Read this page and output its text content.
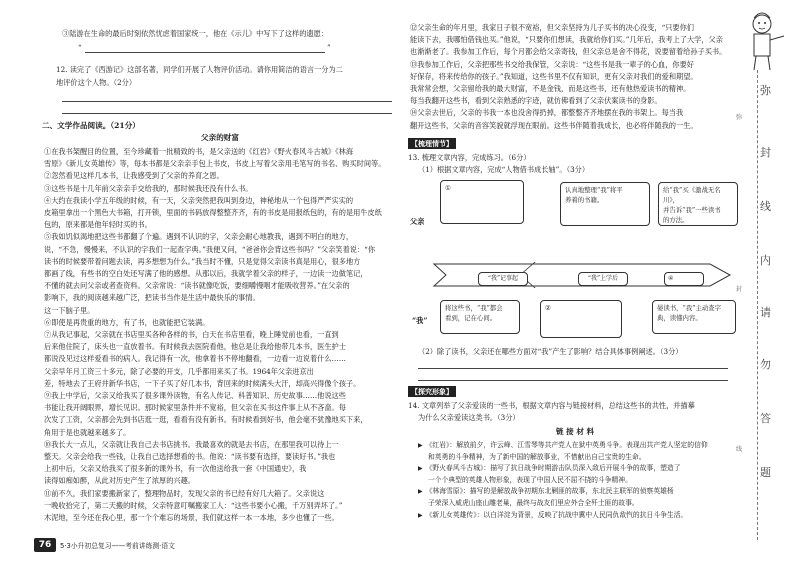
③陆游在生命的最后时刻依然忧虑着国家统一，他在《示儿》中写下了这样的遗愿：
“	”
12. 读完了《西游记》这部名著，同学们开展了人物评价活动。请你用简洁的语言一分为二
地评价这个人物。（2分）
二、文学作品阅读。（21分）
父亲的财富

①在我书架醒目的位置，至今珍藏着一批精致的书，是父亲送的《红岩》《野火春风斗古城》《林海

雪原》《新儿女英雄传》等，每本书都是父亲亲手包上书皮，书皮上写着父亲用毛笔写的书名、购买时间等。

②忽然看见这样几本书，让我感受到了父亲的养育之恩。

③这些书是十几年前父亲亲手交给我的，那时候我还没有什么书。

④大约在我读小学五年级的时候，有一天，父亲突然把我叫到身边，神秘地从一个包得严严实实的

皮箱里拿出一个黑色大书箱，打开锁，里面的书码放得整整齐齐，有的书皮是用报纸包的，有的是用牛皮纸

包的，原来都是他年轻时买的书。

⑤我如饥似渴地把这些书都翻了个遍。遇到不认识的字，父亲会耐心地教我，遇到不明白的地方，

说，“不急，慢慢来，不认识的字我们一起查字典。”我便又问，“爸爸你会背这些书吗？”父亲笑着说：“你

读书的时候要带着问题去读，再多想想为什么。”我当时不懂，只是觉得父亲读书真是用心，很多地方

都画了线，有些书的空白处还写满了他的感想。从那以后，我就学着父亲的样子，一边读一边做笔记，

不懂的就去问父亲或者查资料。父亲常说：“读书就像吃饭，要细嚼慢咽才能吸收营养。”在父亲的

影响下，我的阅读越来越广泛，把读书当作是生活中最快乐的事情。

这一下脑子里。

⑥即使是再贵重的地方，有了书，也就能把它装满。

⑦从我记事起，父亲就在书店里买各种各样的书，白天在书店里看，晚上睡觉前也看，一直到

后来他住院了，床头也一直放着书。有时候我去医院看他，他总是让我给他带几本书，医生护士

都说没见过这样爱看书的病人。我记得有一次，他拿着书不停地翻看，一边看一边说着什么……

父亲早年月工资三十多元，除了必要的开支，几乎都用来买了书。1964年父亲进京出

差，特地去了王府井新华书店，一下子买了好几本书，背回来的时候满头大汗，却高兴得像个孩子。

⑨我上中学后，父亲又给我买了很多课外读物，有名人传记、科普知识、历史故事……他说这些

书能让我开阔眼界，增长见识。那时候家里条件并不宽裕，但父亲在买书这件事上从不吝啬。每

次发了工资，父亲都会先到书店逛一逛，看看有没有新书。有时候看到好书，他会毫不犹豫地买下来，

角用于是也就越来越多了。

⑩我长大一点儿，父亲就让我自己去书店挑书。我最喜欢的就是去书店，在那里我可以待上一

整天。父亲会给我一些钱，让我自己选择想看的书。他说：“读书要有选择，要读好书。”我也

上初中后，父亲又给我买了很多新的课外书，有一次他送给我一套《中国通史》，我

读得如痴如醉，从此对历史产生了浓厚的兴趣。

⑪前不久，我们家要搬新家了，整理物品时，发现父亲的书已经有好几大箱了。父亲说这

一晚收拾完了，第二天搬的时候，父亲特意叮嘱搬家工人：“这些书要小心搬，千万别弄坏了。”

木泥地，至今还在我心里，那一个个难忘的场景，我们就这样一本一本地，多少也懂了一些。

76	5·3小升初总复习——考前讲练测·语文

⑫父亲生命的年月里，我家日子很不宽裕，但父亲坚持为儿子买书的决心没变，“只要你们

能读下去，我哪怕借钱也买。”他说，“只要你们想读，我就给你们买。”几年后，我考上了大学，父亲

也渐渐老了。我参加工作后，每个月都会给父亲寄钱，但父亲总是舍不得花，说要留着给孙子买书。

⑬我参加工作后，父亲把那些书交给我保管，父亲说：“这些书是我一辈子的心血，你要好

好保存，将来传给你的孩子。”我知道，这些书里不仅有知识，更有父亲对我们的爱和期望。

我常常会想，父亲留给我的最大财富，不是金钱，而是这些书，还有他热爱读书的精神。

每当我翻开这些书，看到父亲熟悉的字迹，就仿佛看到了父亲伏案读书的身影。

⑭父亲去世后，父亲的书我一本也没舍得扔掉，都整整齐齐地摆在我的书架上。每当我

翻开这些书，父亲的音容笑貌就浮现在眼前。这些书伴随着我成长，也必将伴随我的一生。

【梳理情节】
13. 梳理文章内容，完成练习。（6分）
（1）根据文章内容，完成“人物借书成长轴”。（3分）
父亲
“我”
①	认真地整理“我”将平
养着的书籍。
给“我”买《激战无名川》，
并告诉“我”一些读书
的方法。
“我”记事起	“我”上学后	④
将这些书，“我”都会
看到，记在心间。
②	晏读书，“我”主动查字
典，读懂内容。
（2）除了读书，父亲还在哪些方面对“我”产生了影响？结合具体事例阐述。（3分）
【探究形象】
14. 文章列举了父亲爱读的一些书，根据文章内容与链接材料，总结这些书的共性，并描摹
为什么父亲爱读这类书。（3分）
链 接 材 料

▶ 《红岩》：解放前夕，许云峰、江雪琴等共产党人在狱中英勇斗争。表现出共产党人坚定的信仰

和英勇的斗争精神，为了新中国的解放事业，不惜献出自己宝贵的生命。

▶ 《野火春风斗古城》：描写了抗日战争时期游击队员深入敌后开展斗争的故事，塑造了

一个个典型的英雄人物形象，表现了中国人民不屈不挠的斗争精神。

▶ 《林海雪原》：描写的是解放战争初期东北剿匪的故事，东北民主联军的侦察英雄杨

子荣深入威虎山座山雕老巢，最终与战友们里应外合全歼土匪的故事。

▶ 《新儿女英雄传》：以白洋淀为背景，反映了抗战中冀中人民同仇敌忾的抗日斗争生活。

弥
封
线
内
请
勿
答
题
弥
封
线
